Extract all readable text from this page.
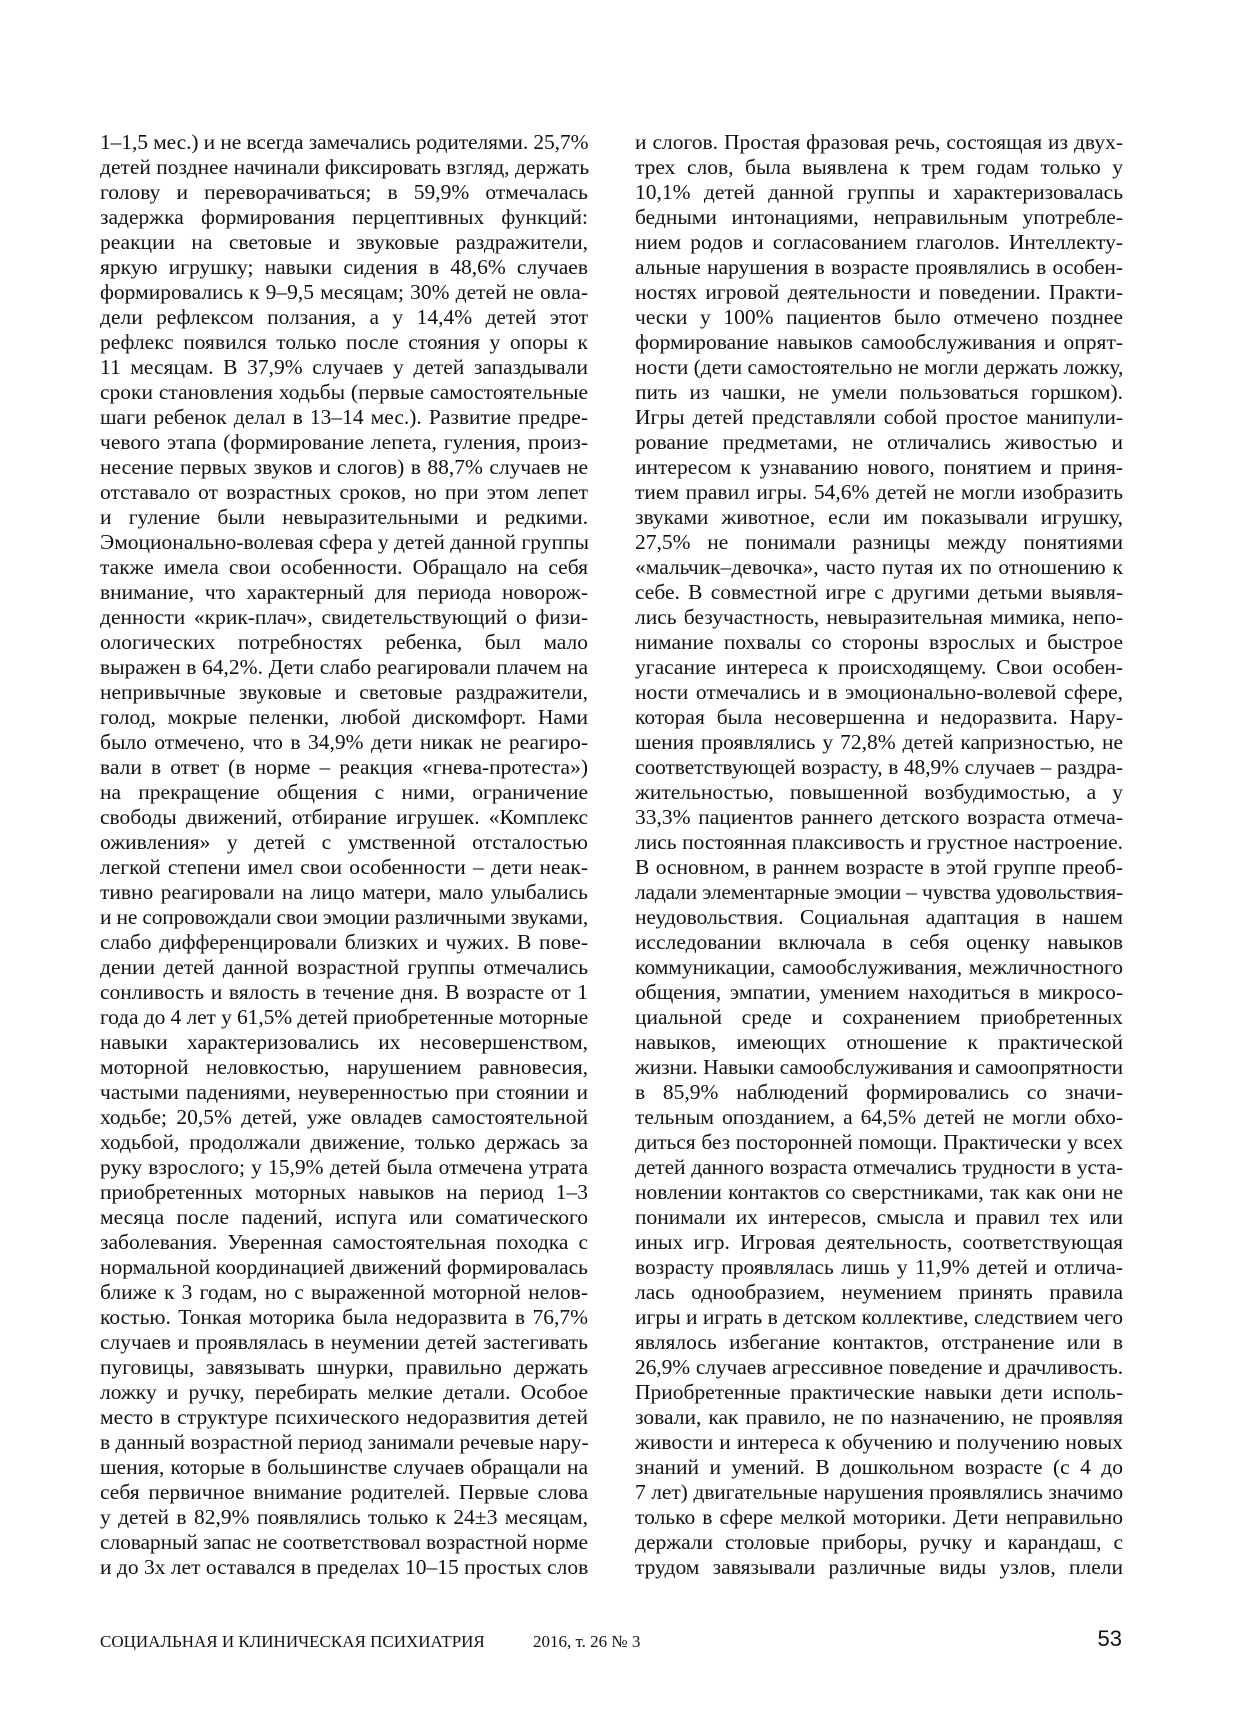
1–1,5 мес.) и не всегда замечались родителями. 25,7%
детей позднее начинали фиксировать взгляд, держать
голову и переворачиваться; в 59,9% отмечалась
задержка формирования перцептивных функций:
реакции на световые и звуковые раздражители,
яркую игрушку; навыки сидения в 48,6% случаев
формировались к 9–9,5 месяцам; 30% детей не овла-
дели рефлексом ползания, а у 14,4% детей этот
рефлекс появился только после стояния у опоры к
11 месяцам. В 37,9% случаев у детей запаздывали
сроки становления ходьбы (первые самостоятельные
шаги ребенок делал в 13–14 мес.). Развитие предре-
чевого этапа (формирование лепета, гуления, произ-
несение первых звуков и слогов) в 88,7% случаев не
отставало от возрастных сроков, но при этом лепет
и гуление были невыразительными и редкими.
Эмоционально-волевая сфера у детей данной группы
также имела свои особенности. Обращало на себя
внимание, что характерный для периода новорож-
денности «крик-плач», свидетельствующий о физи-
ологических потребностях ребенка, был мало
выражен в 64,2%. Дети слабо реагировали плачем на
непривычные звуковые и световые раздражители,
голод, мокрые пеленки, любой дискомфорт. Нами
было отмечено, что в 34,9% дети никак не реагиро-
вали в ответ (в норме – реакция «гнева-протеста»)
на прекращение общения с ними, ограничение
свободы движений, отбирание игрушек. «Комплекс
оживления» у детей с умственной отсталостью
легкой степени имел свои особенности – дети неак-
тивно реагировали на лицо матери, мало улыбались
и не сопровождали свои эмоции различными звуками,
слабо дифференцировали близких и чужих. В пове-
дении детей данной возрастной группы отмечались
сонливость и вялость в течение дня. В возрасте от 1
года до 4 лет у 61,5% детей приобретенные моторные
навыки характеризовались их несовершенством,
моторной неловкостью, нарушением равновесия,
частыми падениями, неуверенностью при стоянии и
ходьбе; 20,5% детей, уже овладев самостоятельной
ходьбой, продолжали движение, только держась за
руку взрослого; у 15,9% детей была отмечена утрата
приобретенных моторных навыков на период 1–3
месяца после падений, испуга или соматического
заболевания. Уверенная самостоятельная походка с
нормальной координацией движений формировалась
ближе к 3 годам, но с выраженной моторной нелов-
костью. Тонкая моторика была недоразвита в 76,7%
случаев и проявлялась в неумении детей застегивать
пуговицы, завязывать шнурки, правильно держать
ложку и ручку, перебирать мелкие детали. Особое
место в структуре психического недоразвития детей
в данный возрастной период занимали речевые нару-
шения, которые в большинстве случаев обращали на
себя первичное внимание родителей. Первые слова
у детей в 82,9% появлялись только к 24±3 месяцам,
словарный запас не соответствовал возрастной норме
и до 3х лет оставался в пределах 10–15 простых слов
и слогов. Простая фразовая речь, состоящая из двух-
трех слов, была выявлена к трем годам только у
10,1% детей данной группы и характеризовалась
бедными интонациями, неправильным употребле-
нием родов и согласованием глаголов. Интеллекту-
альные нарушения в возрасте проявлялись в особен-
ностях игровой деятельности и поведении. Практи-
чески у 100% пациентов было отмечено позднее
формирование навыков самообслуживания и опрят-
ности (дети самостоятельно не могли держать ложку,
пить из чашки, не умели пользоваться горшком).
Игры детей представляли собой простое манипули-
рование предметами, не отличались живостью и
интересом к узнаванию нового, понятием и приня-
тием правил игры. 54,6% детей не могли изобразить
звуками животное, если им показывали игрушку,
27,5% не понимали разницы между понятиями
«мальчик–девочка», часто путая их по отношению к
себе. В совместной игре с другими детьми выявля-
лись безучастность, невыразительная мимика, непо-
нимание похвалы со стороны взрослых и быстрое
угасание интереса к происходящему. Свои особен-
ности отмечались и в эмоционально-волевой сфере,
которая была несовершенна и недоразвита. Нару-
шения проявлялись у 72,8% детей капризностью, не
соответствующей возрасту, в 48,9% случаев – раздра-
жительностью, повышенной возбудимостью, а у
33,3% пациентов раннего детского возраста отмеча-
лись постоянная плаксивость и грустное настроение.
В основном, в раннем возрасте в этой группе преоб-
ладали элементарные эмоции – чувства удовольствия-
неудовольствия. Социальная адаптация в нашем
исследовании включала в себя оценку навыков
коммуникации, самообслуживания, межличностного
общения, эмпатии, умением находиться в микросо-
циальной среде и сохранением приобретенных
навыков, имеющих отношение к практической
жизни. Навыки самообслуживания и самоопрятности
в 85,9% наблюдений формировались со значи-
тельным опозданием, а 64,5% детей не могли обхо-
диться без посторонней помощи. Практически у всех
детей данного возраста отмечались трудности в уста-
новлении контактов со сверстниками, так как они не
понимали их интересов, смысла и правил тех или
иных игр. Игровая деятельность, соответствующая
возрасту проявлялась лишь у 11,9% детей и отлича-
лась однообразием, неумением принять правила
игры и играть в детском коллективе, следствием чего
являлось избегание контактов, отстранение или в
26,9% случаев агрессивное поведение и драчливость.
Приобретенные практические навыки дети исполь-
зовали, как правило, не по назначению, не проявляя
живости и интереса к обучению и получению новых
знаний и умений. В дошкольном возрасте (с 4 до
7 лет) двигательные нарушения проявлялись значимо
только в сфере мелкой моторики. Дети неправильно
держали столовые приборы, ручку и карандаш, с
трудом завязывали различные виды узлов, плели
СОЦИАЛЬНАЯ И КЛИНИЧЕСКАЯ ПСИХИАТРИЯ	2016, т. 26 № 3	53
